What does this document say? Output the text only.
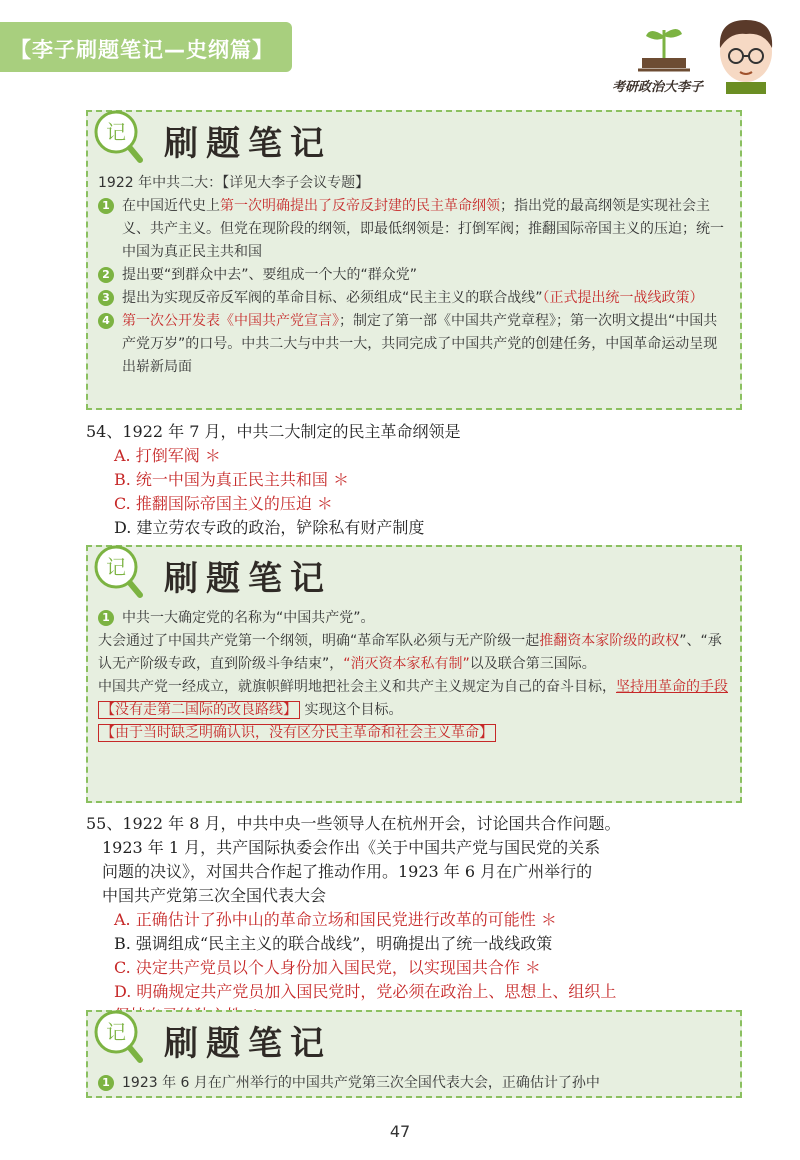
【李子刷题笔记—史纲篇】
考研政治大李子
记 刷题笔记
1922 年中共二大：【详见大李子会议专题】
1 在中国近代史上第一次明确提出了反帝反封建的民主革命纲领；指出党的最高纲领是实现社会主义、共产主义。但党在现阶段的纲领，即最低纲领是：打倒军阀；推翻国际帝国主义的压迫；统一中国为真正民主共和国
2 提出要“到群众中去”、要组成一个大的“群众党”
3 提出为实现反帝反军阀的革命目标、必须组成“民主主义的联合战线”（正式提出统一战线政策）
4 第一次公开发表《中国共产党宣言》；制定了第一部《中国共产党章程》；第一次明文提出“中国共产党万岁”的口号。中共二大与中共一大，共同完成了中国共产党的创建任务，中国革命运动呈现出崭新局面
54、1922 年 7 月，中共二大制定的民主革命纲领是
A. 打倒军阀 ＊
B. 统一中国为真正民主共和国 ＊
C. 推翻国际帝国主义的压迫 ＊
D. 建立劳农专政的政治，铲除私有财产制度
记 刷题笔记
1 中共一大确定党的名称为“中国共产党”。
大会通过了中国共产党第一个纲领，明确“革命军队必须与无产阶级一起推翻资本家阶级的政权”、“承认无产阶级专政，直到阶级斗争结束”，“消灭资本家私有制”以及联合第三国际。
中国共产党一经成立，就旗帜鲜明地把社会主义和共产主义规定为自己的奋斗目标，坚持用革命的手段【没有走第二国际的改良路线】 实现这个目标。
【由于当时缺乏明确认识，没有区分民主革命和社会主义革命】
55、1922 年 8 月，中共中央一些领导人在杭州开会，讨论国共合作问题。
1923 年 1 月，共产国际执委会作出《关于中国共产党与国民党的关系
问题的决议》，对国共合作起了推动作用。1923 年 6 月在广州举行的
中国共产党第三次全国代表大会
A. 正确估计了孙中山的革命立场和国民党进行改革的可能性 ＊
B. 强调组成“民主主义的联合战线”，明确提出了统一战线政策
C. 决定共产党员以个人身份加入国民党，以实现国共合作 ＊
D. 明确规定共产党员加入国民党时，党必须在政治上、思想上、组织上
记 刷题笔记
1 1923 年 6 月在广州举行的中国共产党第三次全国代表大会，正确估计了孙中
47
